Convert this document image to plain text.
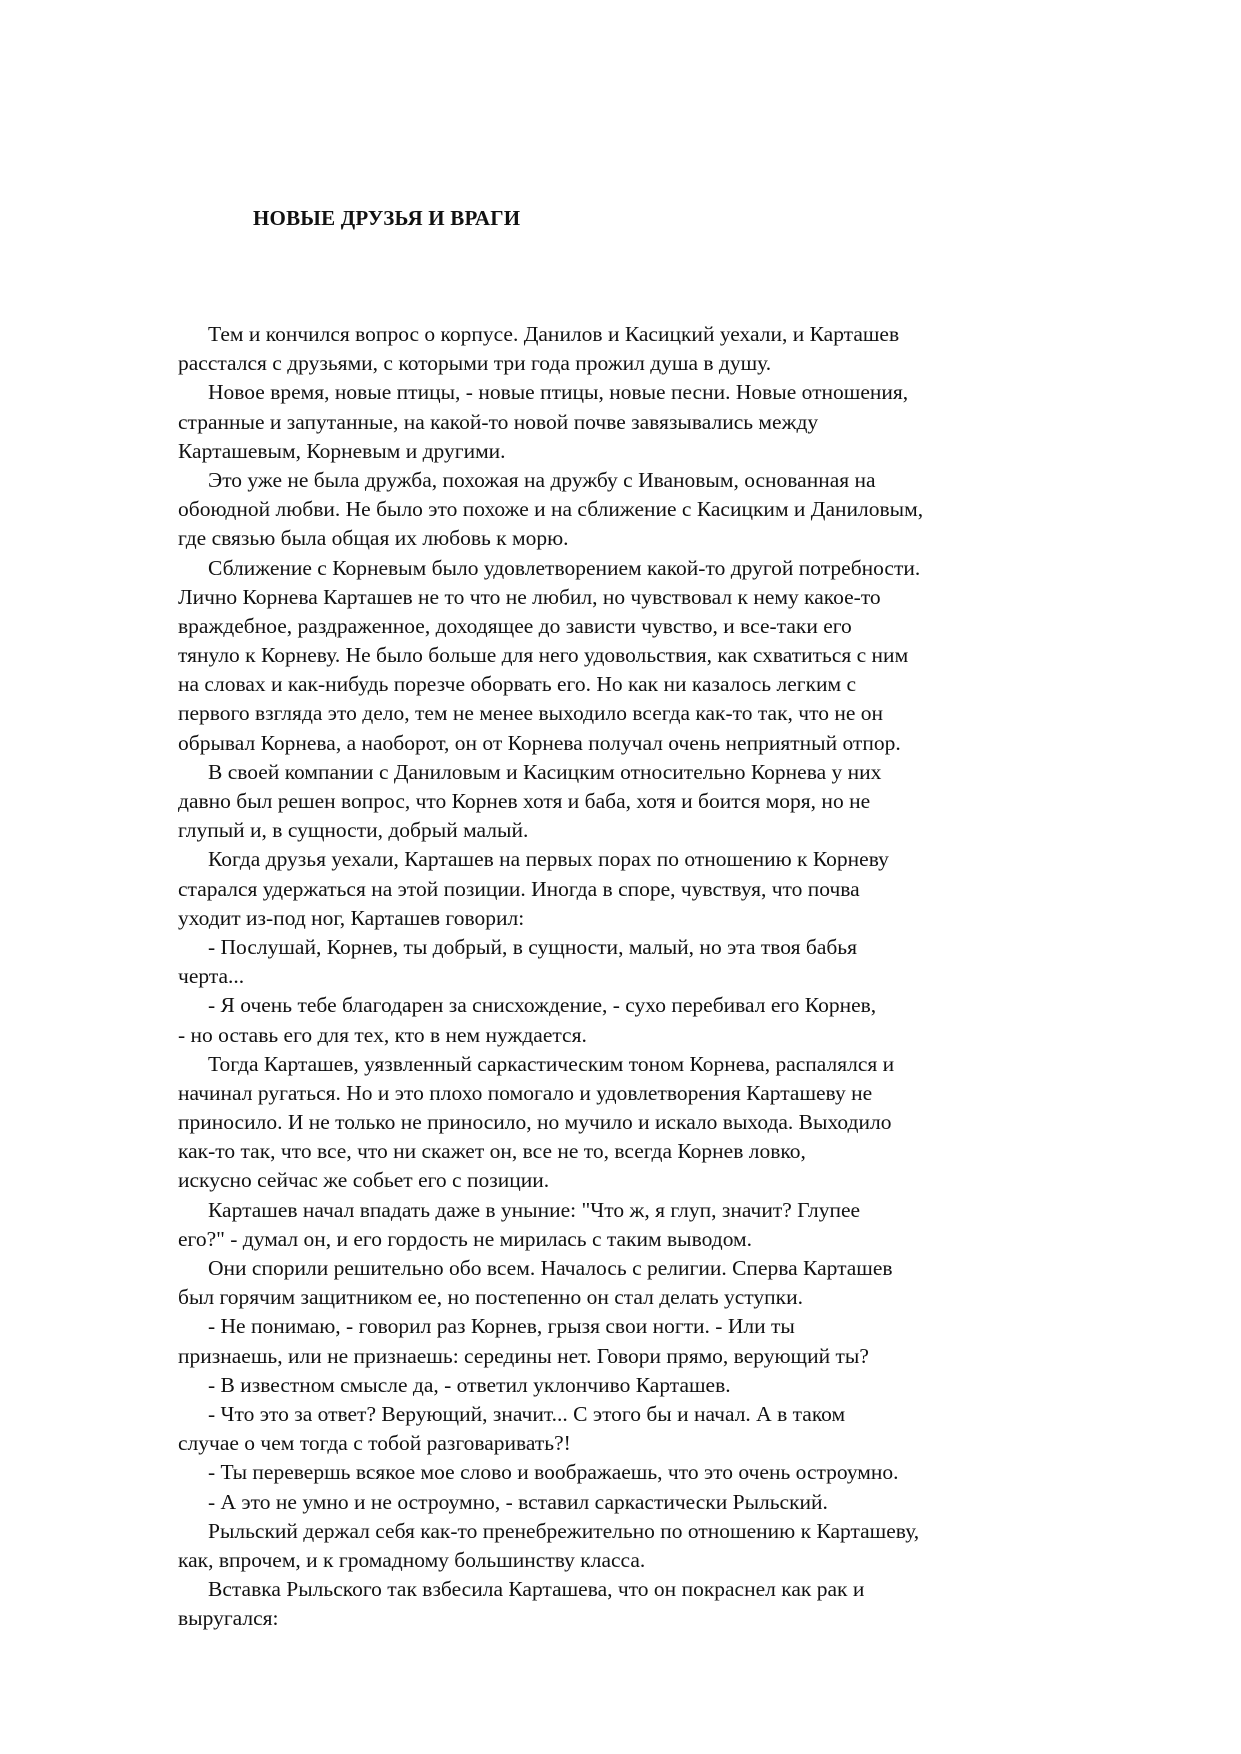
НОВЫЕ ДРУЗЬЯ И ВРАГИ
Тем и кончился вопрос о корпусе. Данилов и Касицкий уехали, и Карташев
расстался с друзьями, с которыми три года прожил душа в душу.
Новое время, новые птицы, - новые птицы, новые песни. Новые отношения,
странные и запутанные, на какой-то новой почве завязывались между
Карташевым, Корневым и другими.
Это уже не была дружба, похожая на дружбу с Ивановым, основанная на
обоюдной любви. Не было это похоже и на сближение с Касицким и Даниловым,
где связью была общая их любовь к морю.
Сближение с Корневым было удовлетворением какой-то другой потребности.
Лично Корнева Карташев не то что не любил, но чувствовал к нему какое-то
враждебное, раздраженное, доходящее до зависти чувство, и все-таки его
тянуло к Корневу. Не было больше для него удовольствия, как схватиться с ним
на словах и как-нибудь порезче оборвать его. Но как ни казалось легким с
первого взгляда это дело, тем не менее выходило всегда как-то так, что не он
обрывал Корнева, а наоборот, он от Корнева получал очень неприятный отпор.
В своей компании с Даниловым и Касицким относительно Корнева у них
давно был решен вопрос, что Корнев хотя и баба, хотя и боится моря, но не
глупый и, в сущности, добрый малый.
Когда друзья уехали, Карташев на первых порах по отношению к Корневу
старался удержаться на этой позиции. Иногда в споре, чувствуя, что почва
уходит из-под ног, Карташев говорил:
- Послушай, Корнев, ты добрый, в сущности, малый, но эта твоя бабья
черта...
- Я очень тебе благодарен за снисхождение, - сухо перебивал его Корнев,
- но оставь его для тех, кто в нем нуждается.
Тогда Карташев, уязвленный саркастическим тоном Корнева, распалялся и
начинал ругаться. Но и это плохо помогало и удовлетворения Карташеву не
приносило. И не только не приносило, но мучило и искало выхода. Выходило
как-то так, что все, что ни скажет он, все не то, всегда Корнев ловко,
искусно сейчас же собьет его с позиции.
Карташев начал впадать даже в уныние: "Что ж, я глуп, значит? Глупее
его?" - думал он, и его гордость не мирилась с таким выводом.
Они спорили решительно обо всем. Началось с религии. Сперва Карташев
был горячим защитником ее, но постепенно он стал делать уступки.
- Не понимаю, - говорил раз Корнев, грызя свои ногти. - Или ты
признаешь, или не признаешь: середины нет. Говори прямо, верующий ты?
- В известном смысле да, - ответил уклончиво Карташев.
- Что это за ответ? Верующий, значит... С этого бы и начал. А в таком
случае о чем тогда с тобой разговаривать?!
- Ты перевершь всякое мое слово и воображаешь, что это очень остроумно.
- А это не умно и не остроумно, - вставил саркастически Рыльский.
Рыльский держал себя как-то пренебрежительно по отношению к Карташеву,
как, впрочем, и к громадному большинству класса.
Вставка Рыльского так взбесила Карташева, что он покраснел как рак и
выругался:
